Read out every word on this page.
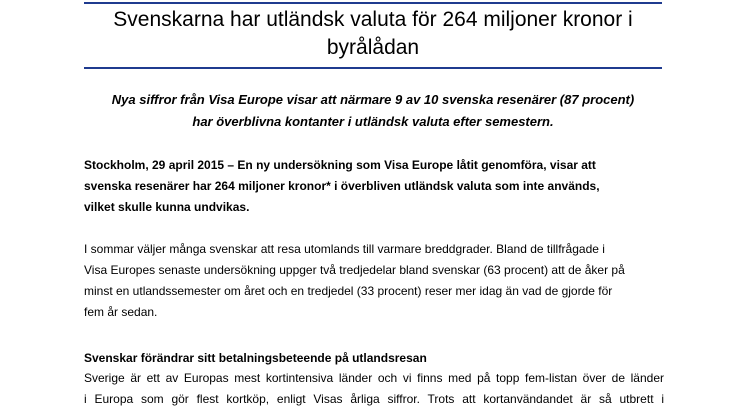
Svenskarna har utländsk valuta för 264 miljoner kronor i
byrålådan

Nya siffror från Visa Europe visar att närmare 9 av 10 svenska resenärer (87 procent)
har överblivna kontanter i utländsk valuta efter semestern.

Stockholm, 29 april 2015 – En ny undersökning som Visa Europe låtit genomföra, visar att
svenska resenärer har 264 miljoner kronor* i överbliven utländsk valuta som inte används,
vilket skulle kunna undvikas.

I sommar väljer många svenskar att resa utomlands till varmare breddgrader. Bland de tillfrågade i
Visa Europes senaste undersökning uppger två tredjedelar bland svenskar (63 procent) att de åker på
minst en utlandssemester om året och en tredjedel (33 procent) reser mer idag än vad de gjorde för
fem år sedan.

Svenskar förändrar sitt betalningsbeteende på utlandsresan

Sverige är ett av Europas mest kortintensiva länder och vi finns med på topp fem-listan över de länder
i Europa som gör flest kortköp, enligt Visas årliga siffror. Trots att kortanvändandet är så utbrett i
